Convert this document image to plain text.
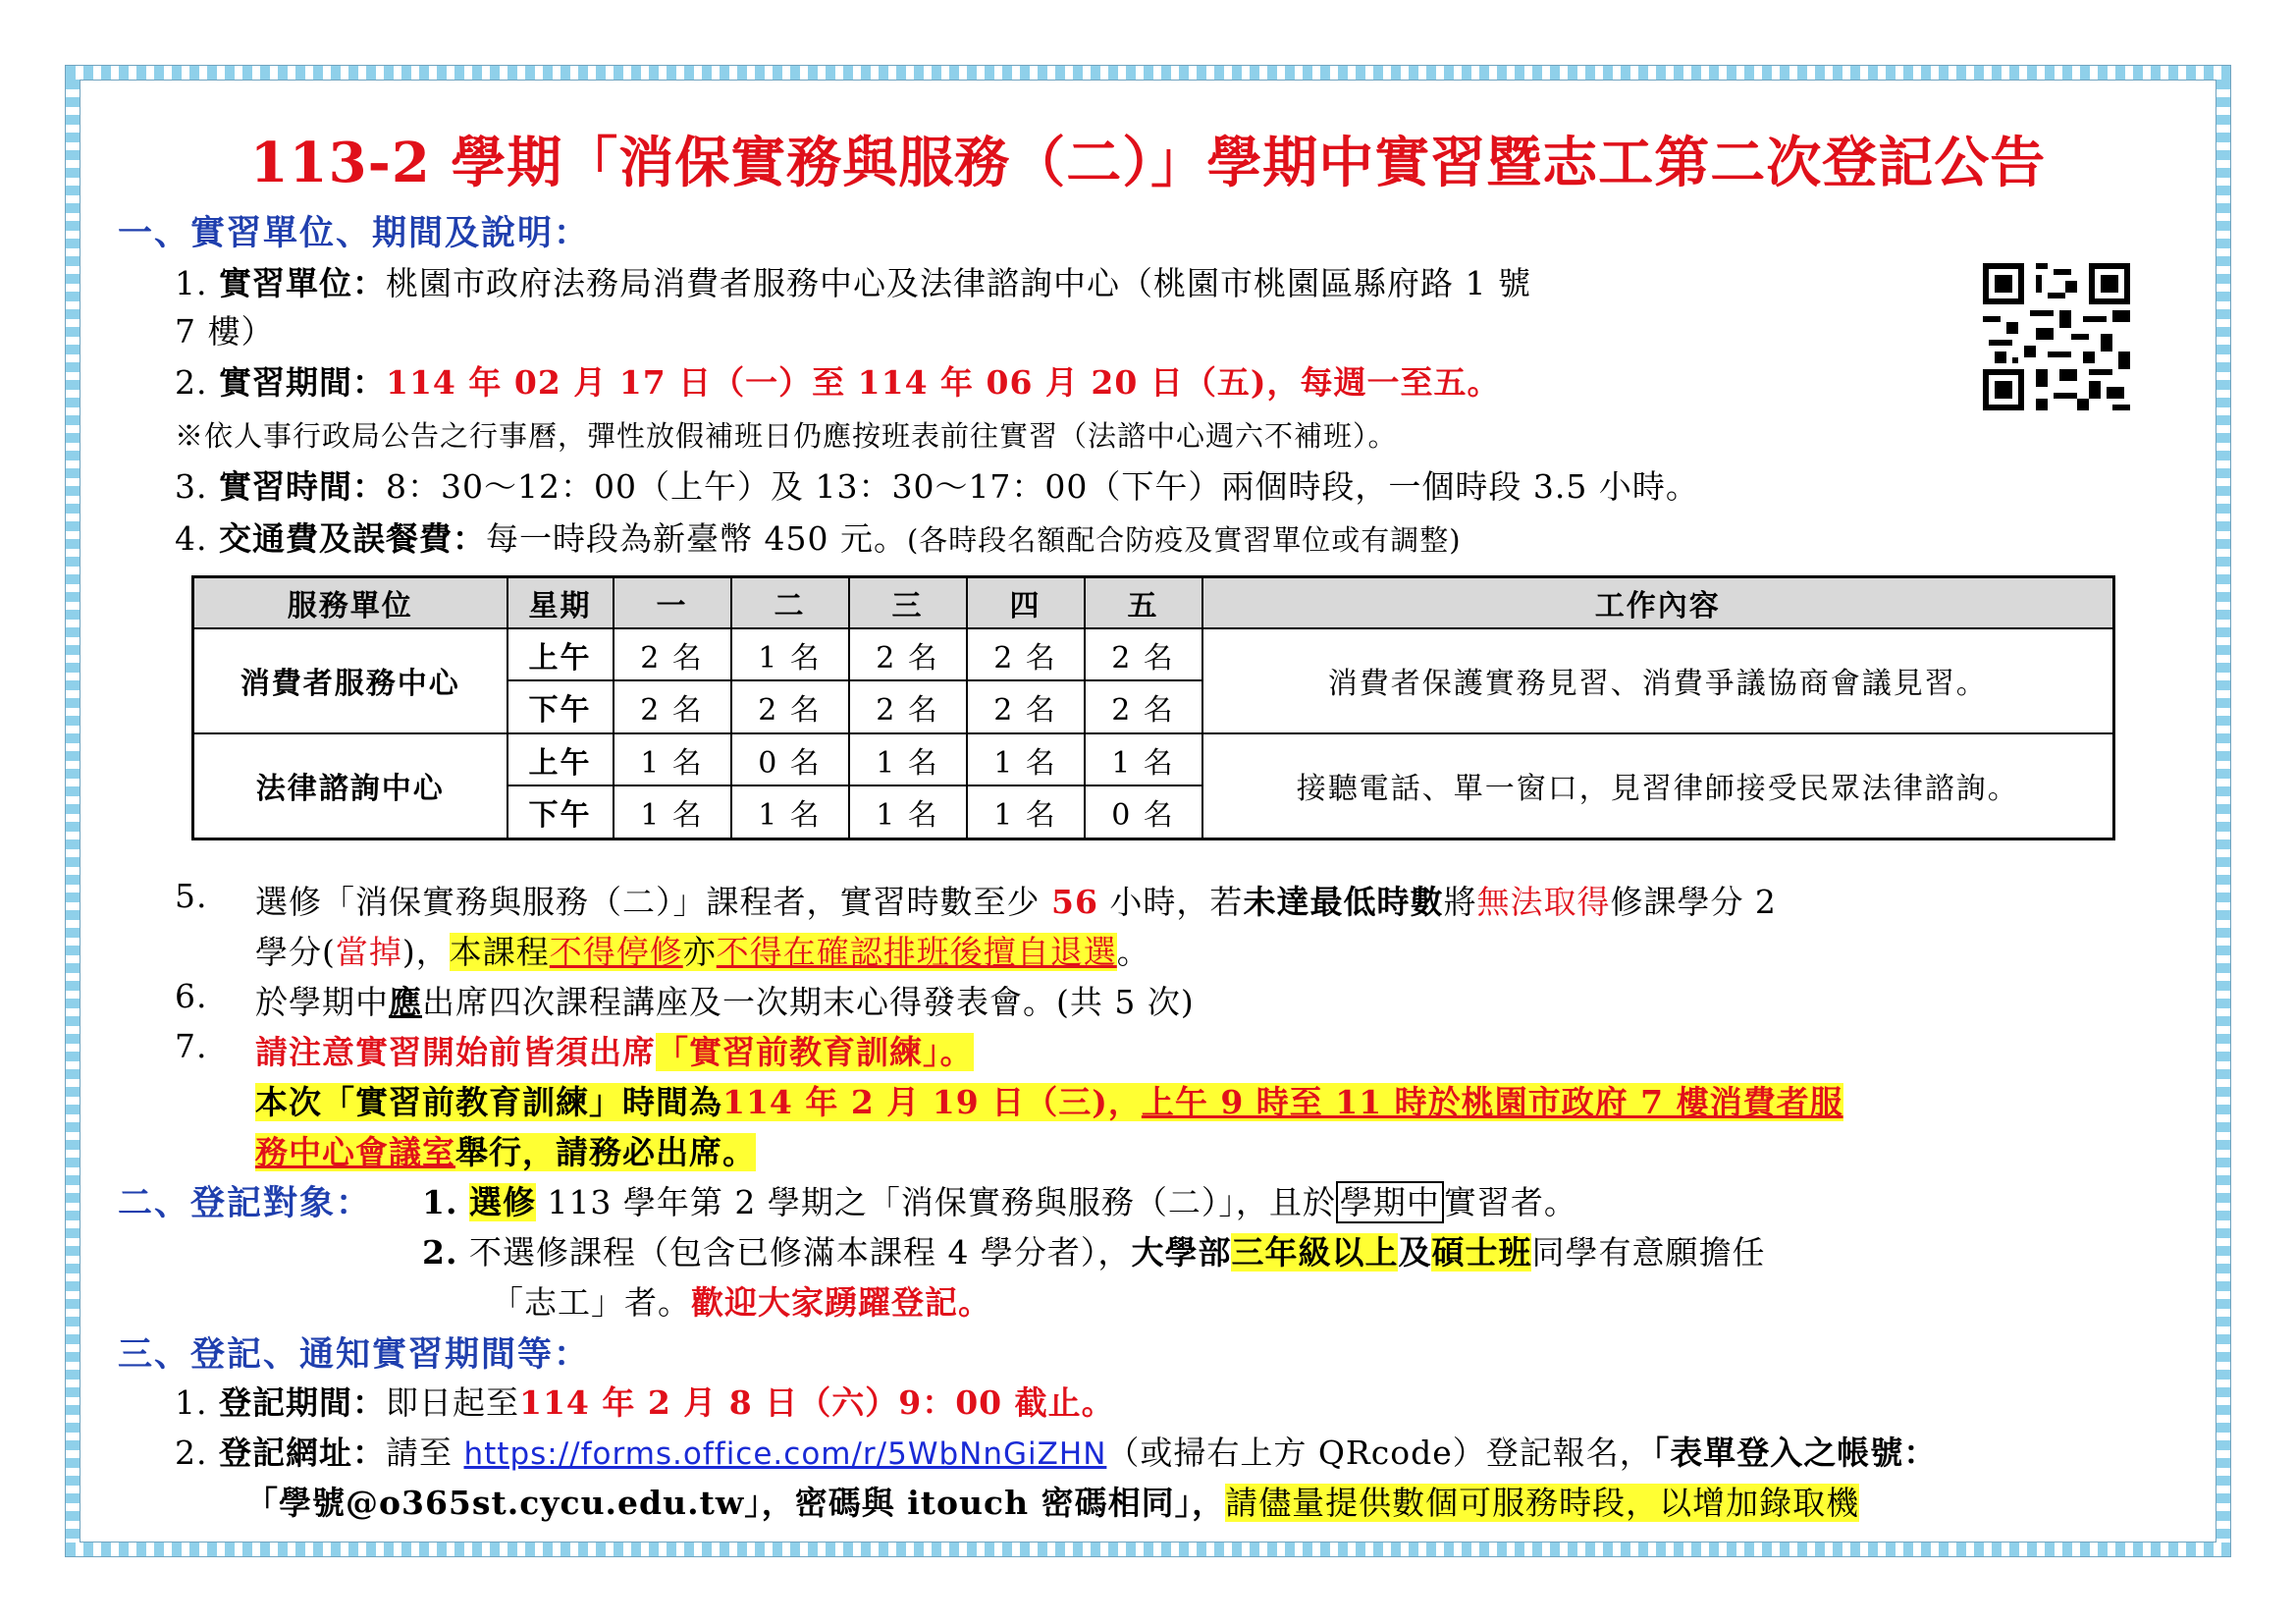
113-2 學期「消保實務與服務（二）」學期中實習暨志工第二次登記公告
一、實習單位、期間及說明：
1. 實習單位：桃園市政府法務局消費者服務中心及法律諮詢中心（桃園市桃園區縣府路 1 號
7 樓）
2. 實習期間：114 年 02 月 17 日（一）至 114 年 06 月 20 日（五)，每週一至五。
※依人事行政局公告之行事曆，彈性放假補班日仍應按班表前往實習（法諮中心週六不補班）。
3. 實習時間：8：30～12：00（上午）及 13：30～17：00（下午）兩個時段，一個時段 3.5 小時。
4. 交通費及誤餐費：每一時段為新臺幣 450 元。(各時段名額配合防疫及實習單位或有調整)
服務單位	星期	一	二	三	四	五	工作內容
消費者服務中心	上午	2 名	1 名	2 名	2 名	2 名	消費者保護實務見習、消費爭議協商會議見習。
	下午	2 名	2 名	2 名	2 名	2 名	
法律諮詢中心	上午	1 名	0 名	1 名	1 名	1 名	接聽電話、單一窗口，見習律師接受民眾法律諮詢。
	下午	1 名	1 名	1 名	1 名	0 名	
5. 選修「消保實務與服務（二）」課程者，實習時數至少 56 小時，若未達最低時數將無法取得修課學分 2
學分(當掉)，本課程不得停修亦不得在確認排班後擅自退選。
6. 於學期中應出席四次課程講座及一次期末心得發表會。(共 5 次)
7. 請注意實習開始前皆須出席「實習前教育訓練」。
本次「實習前教育訓練」時間為114 年 2 月 19 日（三)，上午 9 時至 11 時於桃園市政府 7 樓消費者服
務中心會議室舉行，請務必出席。
二、登記對象： 1. 選修 113 學年第 2 學期之「消保實務與服務（二）」，且於 學期中 實習者。
2. 不選修課程（包含已修滿本課程 4 學分者），大學部三年級以上及碩士班同學有意願擔任
「志工」者。歡迎大家踴躍登記。
三、登記、通知實習期間等：
1. 登記期間：即日起至114 年 2 月 8 日（六）9：00 截止。
2. 登記網址：請至 https://forms.office.com/r/5WbNnGiZHN（或掃右上方 QRcode）登記報名，「表單登入之帳號：
「學號@o365st.cycu.edu.tw」，密碼與 itouch 密碼相同」，請儘量提供數個可服務時段，以增加錄取機
